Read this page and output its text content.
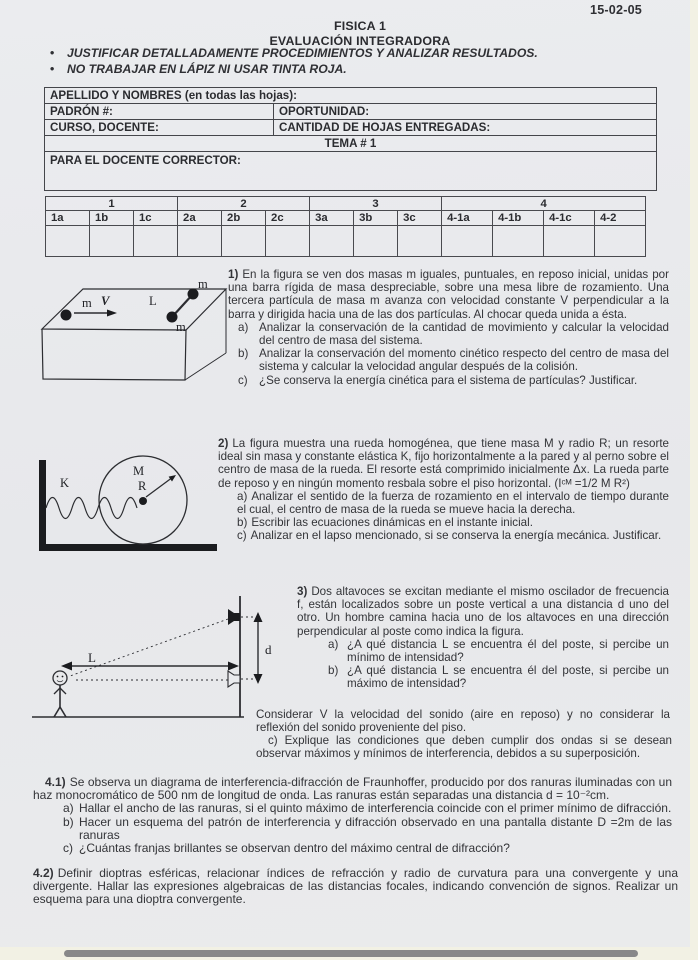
15-02-05
FISICA 1
EVALUACIÓN INTEGRADORA
• JUSTIFICAR DETALLADAMENTE PROCEDIMIENTOS Y ANALIZAR RESULTADOS.
• NO TRABAJAR EN LÁPIZ NI USAR TINTA ROJA.
APELLIDO Y NOMBRES (en todas las hojas):	
PADRÓN #:	OPORTUNIDAD:
CURSO, DOCENTE:	CANTIDAD DE HOJAS ENTREGADAS:
TEMA # 1	
PARA EL DOCENTE CORRECTOR:	
1			2			3			4			
1a	1b	1c	2a	2b	2c	3a	3b	3c	4-1a	4-1b	4-1c	4-2

m V	L
m
m
1) En la figura se ven dos masas m iguales, puntuales, en reposo inicial, unidas por una barra rígida de masa despreciable, sobre una mesa libre de rozamiento. Una tercera partícula de masa m avanza con velocidad constante V perpendicular a la barra y dirigida hacia una de las dos partículas. Al chocar queda unida a ésta.
a) Analizar la conservación de la cantidad de movimiento y calcular la velocidad del centro de masa del sistema.
b) Analizar la conservación del momento cinético respecto del centro de masa del sistema y calcular la velocidad angular después de la colisión.
c) ¿Se conserva la energía cinética para el sistema de partículas? Justificar.
K
M
R
2) La figura muestra una rueda homogénea, que tiene masa M y radio R; un resorte ideal sin masa y constante elástica K, fijo horizontalmente a la pared y al perno sobre el centro de masa de la rueda. El resorte está comprimido inicialmente Δx. La rueda parte de reposo y en ningún momento resbala sobre el piso horizontal. (Iᶜᴹ =1/2 M R²)
a) Analizar el sentido de la fuerza de rozamiento en el intervalo de tiempo durante el cual, el centro de masa de la rueda se mueve hacia la derecha.
b) Escribir las ecuaciones dinámicas en el instante inicial.
c) Analizar en el lapso mencionado, si se conserva la energía mecánica. Justificar.
L
d
3) Dos altavoces se excitan mediante el mismo oscilador de frecuencia f, están localizados sobre un poste vertical a una distancia d uno del otro. Un hombre camina hacia uno de los altavoces en una dirección perpendicular al poste como indica la figura.
a) ¿A qué distancia L se encuentra él del poste, si percibe un mínimo de intensidad?
b) ¿A qué distancia L se encuentra él del poste, si percibe un máximo de intensidad?
Considerar V la velocidad del sonido (aire en reposo) y no considerar la reflexión del sonido proveniente del piso.
c) Explique las condiciones que deben cumplir dos ondas si se desean observar máximos y mínimos de interferencia, debidos a su superposición.
4.1) Se observa un diagrama de interferencia-difracción de Fraunhoffer, producido por dos ranuras iluminadas con un haz monocromático de 500 nm de longitud de onda. Las ranuras están separadas una distancia d = 10⁻²cm.
a) Hallar el ancho de las ranuras, si el quinto máximo de interferencia coincide con el primer mínimo de difracción.
b) Hacer un esquema del patrón de interferencia y difracción observado en una pantalla distante D =2m de las ranuras
c) ¿Cuántas franjas brillantes se observan dentro del máximo central de difracción?
4.2) Definir dioptras esféricas, relacionar índices de refracción y radio de curvatura para una convergente y una divergente. Hallar las expresiones algebraicas de las distancias focales, indicando convención de signos. Realizar un esquema para una dioptra convergente.
